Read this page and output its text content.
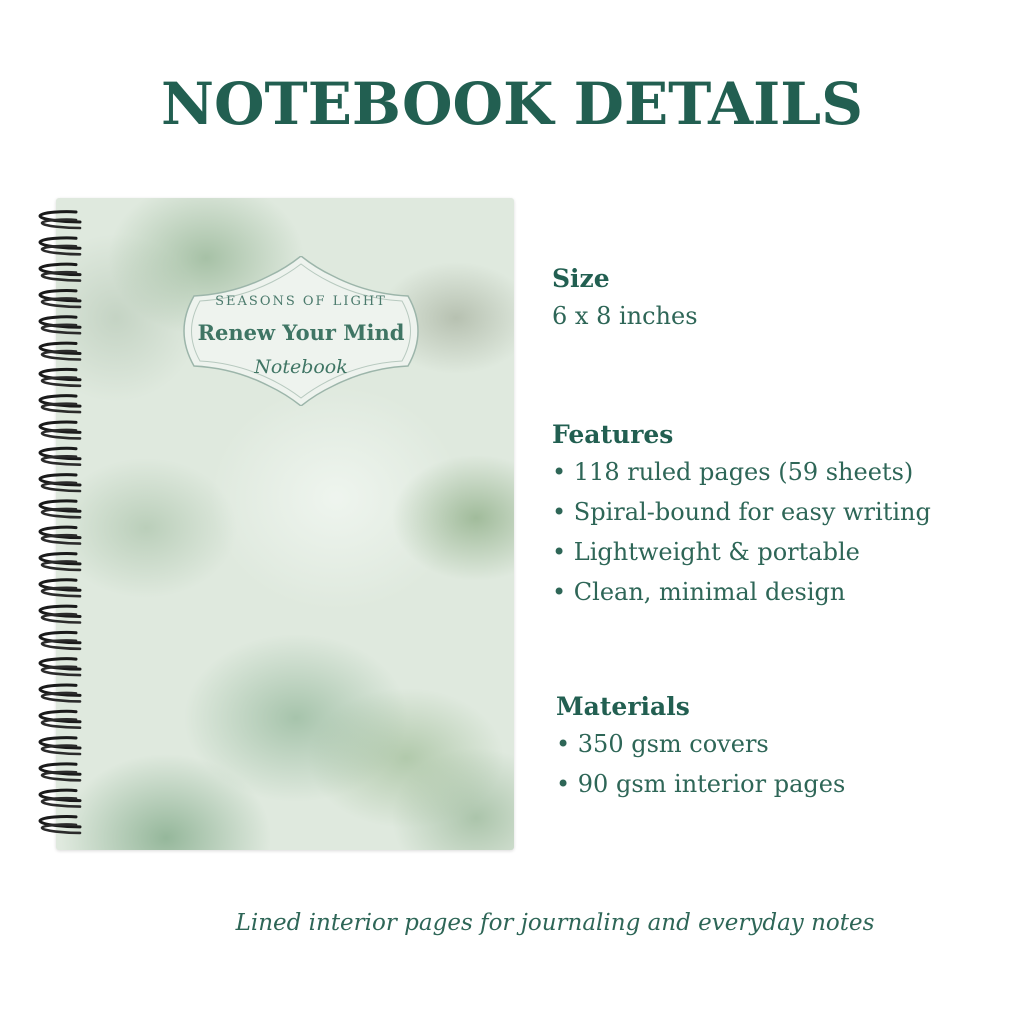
NOTEBOOK DETAILS
SEASONS OF LIGHT
Renew Your Mind
Notebook
Size
6 x 8 inches
Features
• 118 ruled pages (59 sheets)
• Spiral-bound for easy writing
• Lightweight & portable
• Clean, minimal design
Materials
• 350 gsm covers
• 90 gsm interior pages
Lined interior pages for journaling and everyday notes
